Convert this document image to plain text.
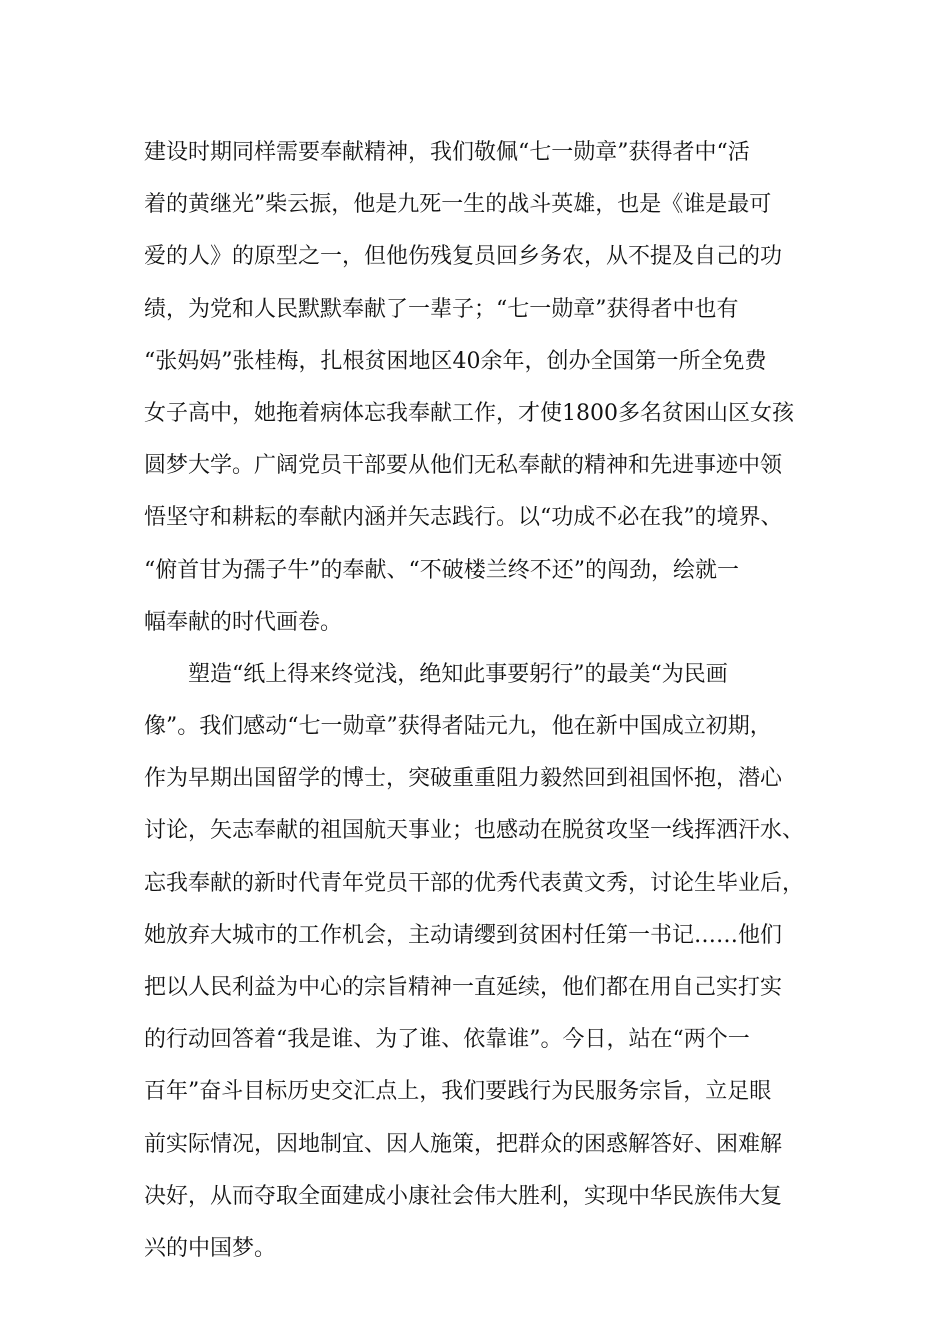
建设时期同样需要奉献精神，我们敬佩“七一勋章”获得者中“活
着的黄继光”柴云振，他是九死一生的战斗英雄，也是《谁是最可
爱的人》的原型之一，但他伤残复员回乡务农，从不提及自己的功
绩，为党和人民默默奉献了一辈子；“七一勋章”获得者中也有
“张妈妈”张桂梅，扎根贫困地区40余年，创办全国第一所全免费
女子高中，她拖着病体忘我奉献工作，才使1800多名贫困山区女孩
圆梦大学。广阔党员干部要从他们无私奉献的精神和先进事迹中领
悟坚守和耕耘的奉献内涵并矢志践行。以“功成不必在我”的境界、
“俯首甘为孺子牛”的奉献、“不破楼兰终不还”的闯劲，绘就一
幅奉献的时代画卷。
塑造“纸上得来终觉浅，绝知此事要躬行”的最美“为民画
像”。我们感动“七一勋章”获得者陆元九，他在新中国成立初期，
作为早期出国留学的博士，突破重重阻力毅然回到祖国怀抱，潜心
讨论，矢志奉献的祖国航天事业；也感动在脱贫攻坚一线挥洒汗水、
忘我奉献的新时代青年党员干部的优秀代表黄文秀，讨论生毕业后，
她放弃大城市的工作机会，主动请缨到贫困村任第一书记……他们
把以人民利益为中心的宗旨精神一直延续，他们都在用自己实打实
的行动回答着“我是谁、为了谁、依靠谁”。今日，站在“两个一
百年”奋斗目标历史交汇点上，我们要践行为民服务宗旨，立足眼
前实际情况，因地制宜、因人施策，把群众的困惑解答好、困难解
决好，从而夺取全面建成小康社会伟大胜利，实现中华民族伟大复
兴的中国梦。
